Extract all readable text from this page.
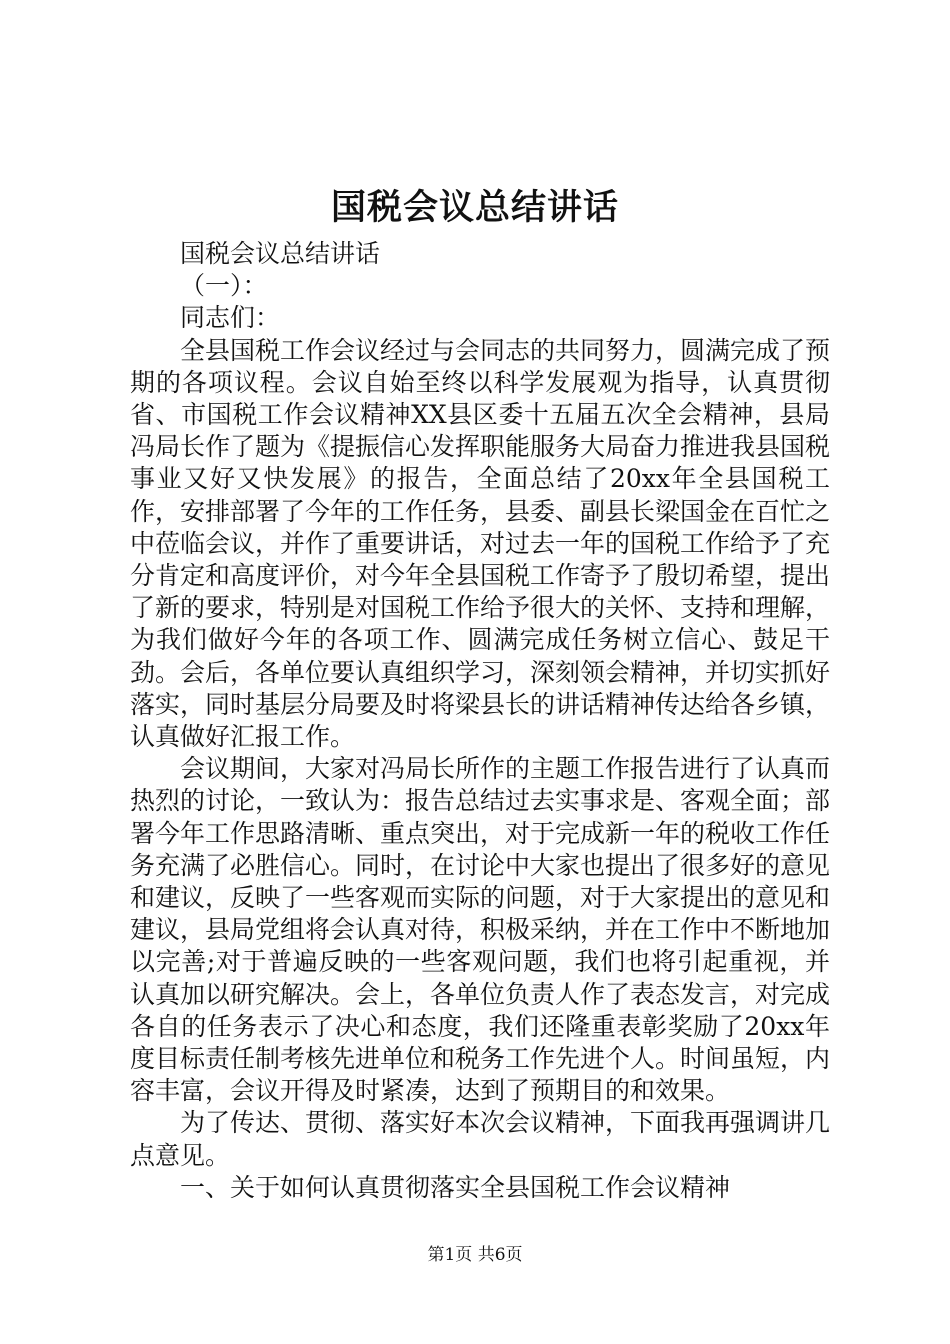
国税会议总结讲话

国税会议总结讲话

（一）：

同志们：

全县国税工作会议经过与会同志的共同努力，圆满完成了预期的各项议程。会议自始至终以科学发展观为指导，认真贯彻省、市国税工作会议精神XX县区委十五届五次全会精神，县局冯局长作了题为《提振信心发挥职能服务大局奋力推进我县国税事业又好又快发展》的报告，全面总结了20xx年全县国税工作，安排部署了今年的工作任务，县委、副县长梁国金在百忙之中莅临会议，并作了重要讲话，对过去一年的国税工作给予了充分肯定和高度评价，对今年全县国税工作寄予了殷切希望，提出了新的要求，特别是对国税工作给予很大的关怀、支持和理解，为我们做好今年的各项工作、圆满完成任务树立信心、鼓足干劲。会后，各单位要认真组织学习，深刻领会精神，并切实抓好落实，同时基层分局要及时将梁县长的讲话精神传达给各乡镇，认真做好汇报工作。

会议期间，大家对冯局长所作的主题工作报告进行了认真而热烈的讨论，一致认为：报告总结过去实事求是、客观全面；部署今年工作思路清晰、重点突出，对于完成新一年的税收工作任务充满了必胜信心。同时，在讨论中大家也提出了很多好的意见和建议，反映了一些客观而实际的问题，对于大家提出的意见和建议，县局党组将会认真对待，积极采纳，并在工作中不断地加以完善;对于普遍反映的一些客观问题，我们也将引起重视，并认真加以研究解决。会上，各单位负责人作了表态发言，对完成各自的任务表示了决心和态度，我们还隆重表彰奖励了20xx年度目标责任制考核先进单位和税务工作先进个人。时间虽短，内容丰富，会议开得及时紧凑，达到了预期目的和效果。

为了传达、贯彻、落实好本次会议精神，下面我再强调讲几点意见。

一、关于如何认真贯彻落实全县国税工作会议精神

第1页 共6页
